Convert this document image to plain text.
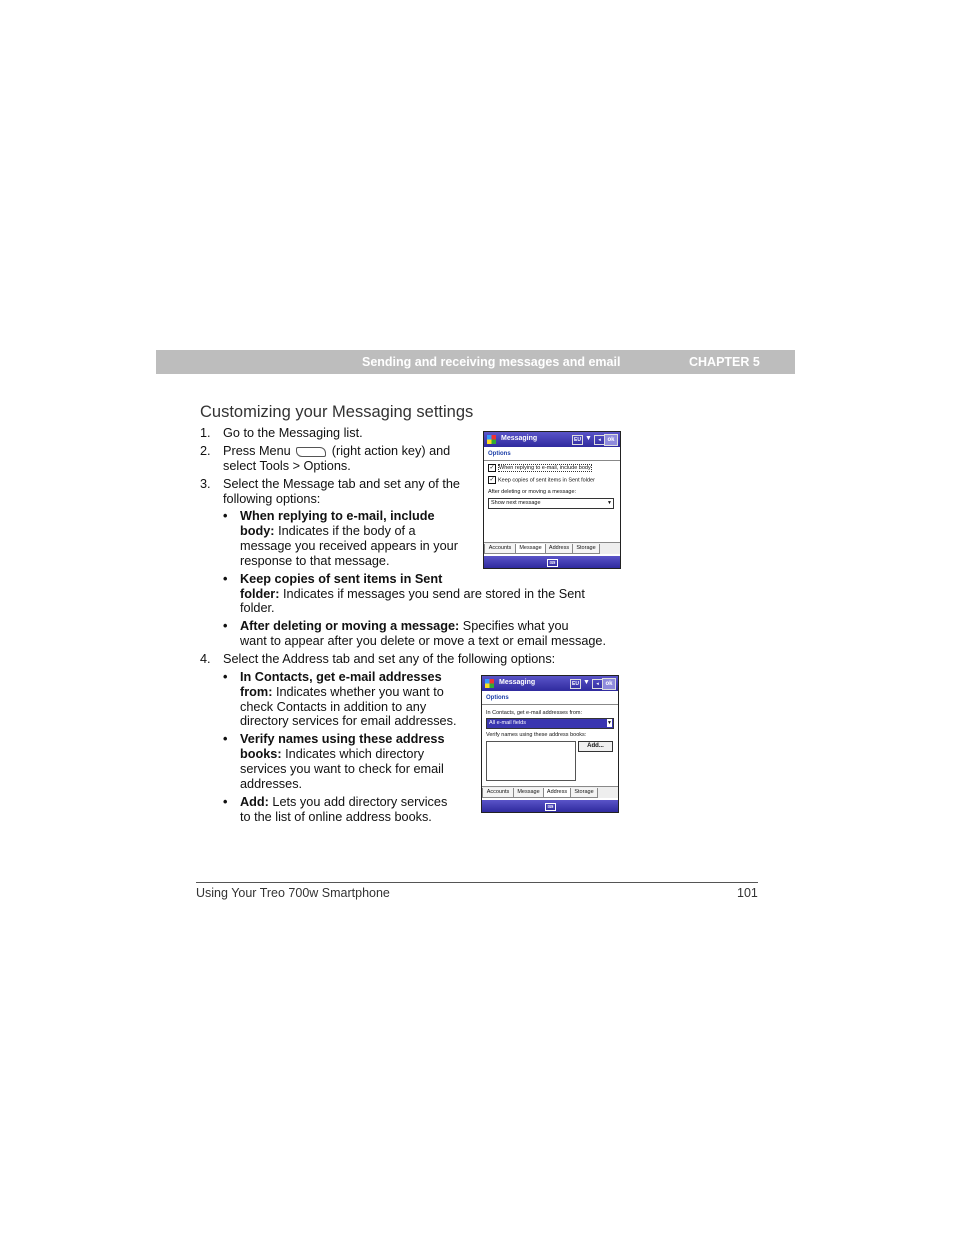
Sending and receiving messages and email	CHAPTER 5
Customizing your Messaging settings
1. Go to the Messaging list.
2. Press Menu	(right action key) and
select Tools > Options.
3. Select the Message tab and set any of the
following options:
• When replying to e-mail, include
body: Indicates if the body of a
message you received appears in your
response to that message.
• Keep copies of sent items in Sent
folder: Indicates if messages you send are stored in the Sent
folder.
• After deleting or moving a message: Specifies what you
want to appear after you delete or move a text or email message.
4. Select the Address tab and set any of the following options:
• In Contacts, get e-mail addresses
from: Indicates whether you want to
check Contacts in addition to any
directory services for email addresses.
• Verify names using these address
books: Indicates which directory
services you want to check for email
addresses.
• Add: Lets you add directory services
to the list of online address books.
Messaging	EU ▼	◂	ok
Options
✓ When replying to e-mail, include body
✓ Keep copies of sent items in Sent folder
After deleting or moving a message:
Show next message	▼
Accounts	Message	Address	Storage
⌨
Messaging	EU ▼	◂	ok
Options
In Contacts, get e-mail addresses from:
All e-mail fields	▼
Verify names using these address books:
Add...
Accounts	Message	Address	Storage
⌨
Using Your Treo 700w Smartphone	101
